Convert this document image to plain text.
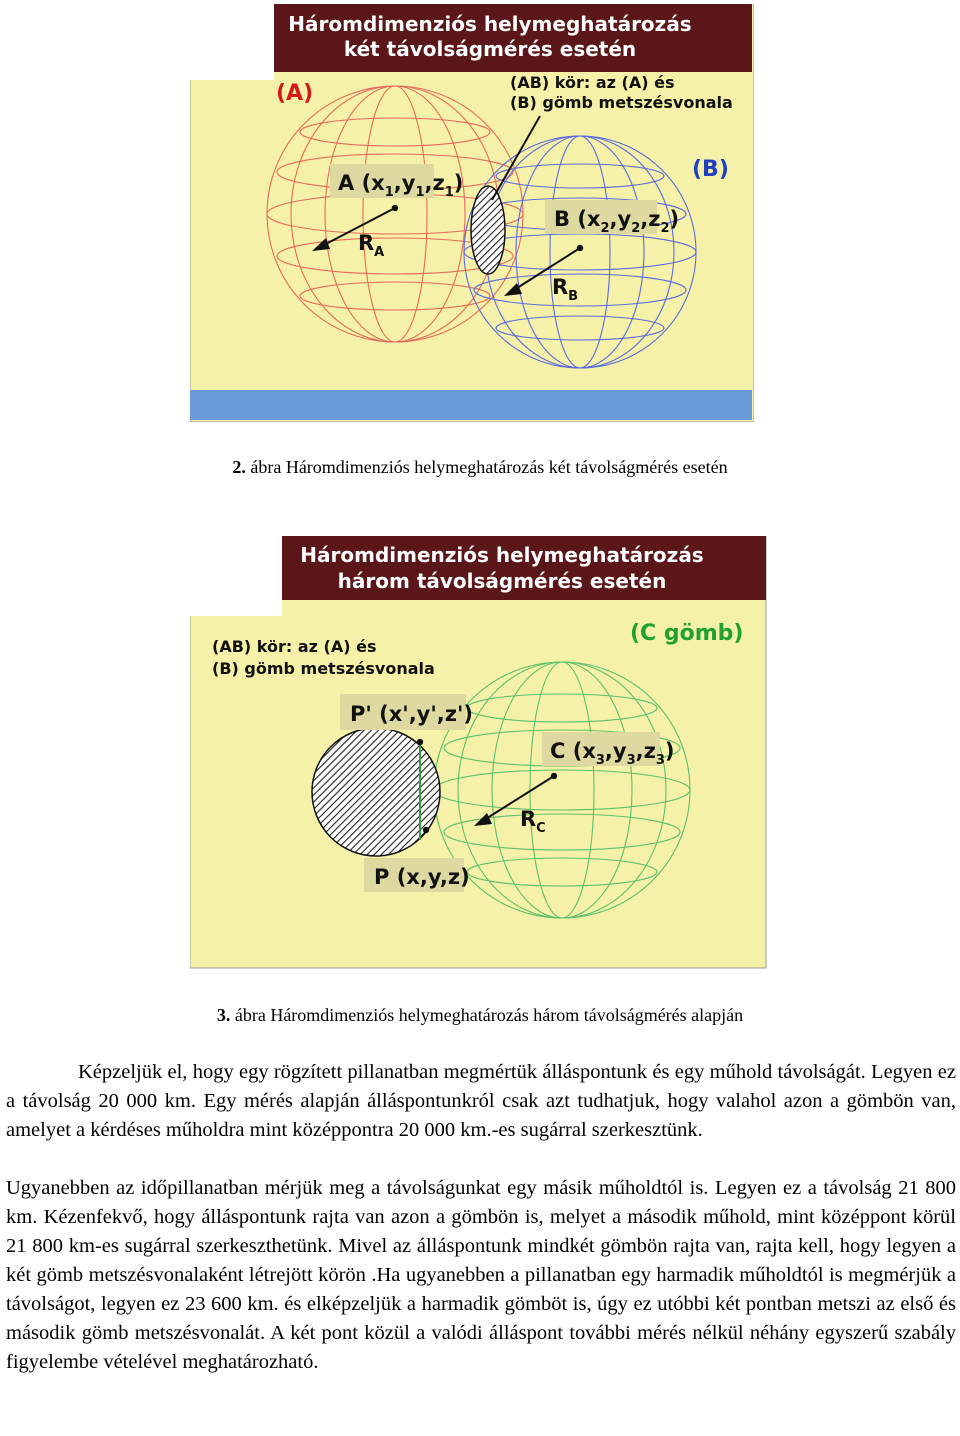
Háromdimenziós helymeghatározás
két távolságmérés esetén
(A)
(B)
(AB) kör: az (A) és
(B) gömb metszésvonala
A $(x_1,y_1,z_1)$
$R_A$
B $(x_2,y_2,z_2)$
$R_B$
2. ábra Háromdimenziós helymeghatározás két távolságmérés esetén
Háromdimenziós helymeghatározás
három távolságmérés esetén
(C gömb)
(AB) kör: az (A) és
(B) gömb metszésvonala
P' (x',y',z')
C $(x_3,y_3,z_3)$
$R_C$
P (x,y,z)
3. ábra Háromdimenziós helymeghatározás három távolságmérés alapján
Képzeljük el, hogy egy rögzített pillanatban megmértük álláspontunk és egy műhold távolságát. Legyen ez a távolság 20 000 km. Egy mérés alapján álláspontunkról csak azt tudhatjuk, hogy valahol azon a gömbön van, amelyet a kérdéses műholdra mint középpontra 20 000 km.-es sugárral szerkesztünk.
Ugyanebben az időpillanatban mérjük meg a távolságunkat egy másik műholdtól is. Legyen ez a távolság 21 800 km. Kézenfekvő, hogy álláspontunk rajta van azon a gömbön is, melyet a második műhold, mint középpont körül 21 800 km-es sugárral szerkeszthetünk. Mivel az álláspontunk mindkét gömbön rajta van, rajta kell, hogy legyen a két gömb metszésvonalaként létrejött körön .Ha ugyanebben a pillanatban egy harmadik műholdtól is megmérjük a távolságot, legyen ez 23 600 km. és elképzeljük a harmadik gömböt is, úgy ez utóbbi két pontban metszi az első és második gömb metszésvonalát. A két pont közül a valódi álláspont további mérés nélkül néhány egyszerű szabály figyelembe vételével meghatározható.
